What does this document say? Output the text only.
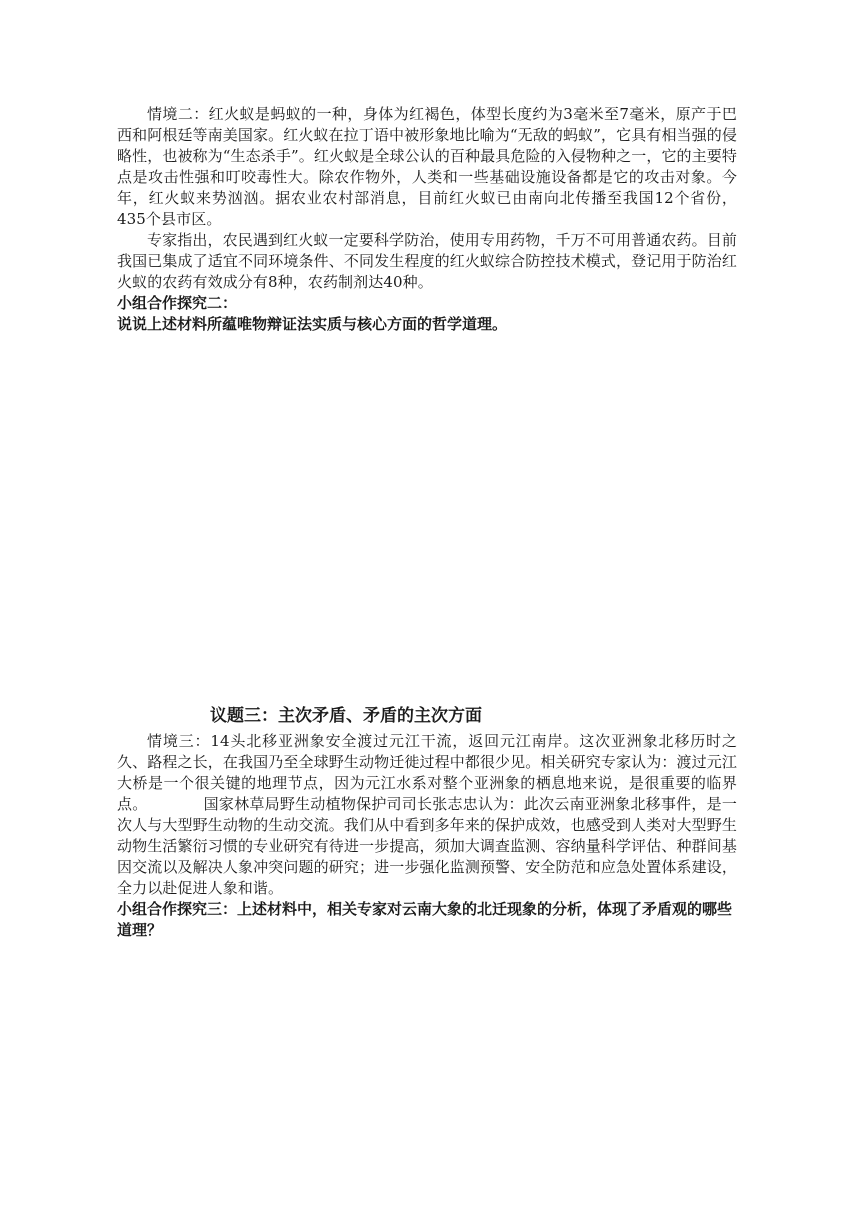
情境二：红火蚁是蚂蚁的一种，身体为红褐色，体型长度约为3毫米至7毫米，原产于巴西和阿根廷等南美国家。红火蚁在拉丁语中被形象地比喻为“无敌的蚂蚁”，它具有相当强的侵略性，也被称为“生态杀手”。红火蚁是全球公认的百种最具危险的入侵物种之一，它的主要特点是攻击性强和叮咬毒性大。除农作物外，人类和一些基础设施设备都是它的攻击对象。今年，红火蚁来势汹汹。据农业农村部消息，目前红火蚁已由南向北传播至我国12个省份，435个县市区。

专家指出，农民遇到红火蚁一定要科学防治，使用专用药物，千万不可用普通农药。目前我国已集成了适宜不同环境条件、不同发生程度的红火蚁综合防控技术模式，登记用于防治红火蚁的农药有效成分有8种，农药制剂达40种。

小组合作探究二：

说说上述材料所蕴唯物辩证法实质与核心方面的哲学道理。

议题三：主次矛盾、矛盾的主次方面

情境三：14头北移亚洲象安全渡过元江干流，返回元江南岸。这次亚洲象北移历时之久、路程之长，在我国乃至全球野生动物迁徙过程中都很少见。相关研究专家认为：渡过元江大桥是一个很关键的地理节点，因为元江水系对整个亚洲象的栖息地来说，是很重要的临界点。	国家林草局野生动植物保护司司长张志忠认为：此次云南亚洲象北移事件，是一次人与大型野生动物的生动交流。我们从中看到多年来的保护成效，也感受到人类对大型野生动物生活繁衍习惯的专业研究有待进一步提高，须加大调查监测、容纳量科学评估、种群间基因交流以及解决人象冲突问题的研究；进一步强化监测预警、安全防范和应急处置体系建设，全力以赴促进人象和谐。

小组合作探究三：上述材料中，相关专家对云南大象的北迁现象的分析，体现了矛盾观的哪些道理？
